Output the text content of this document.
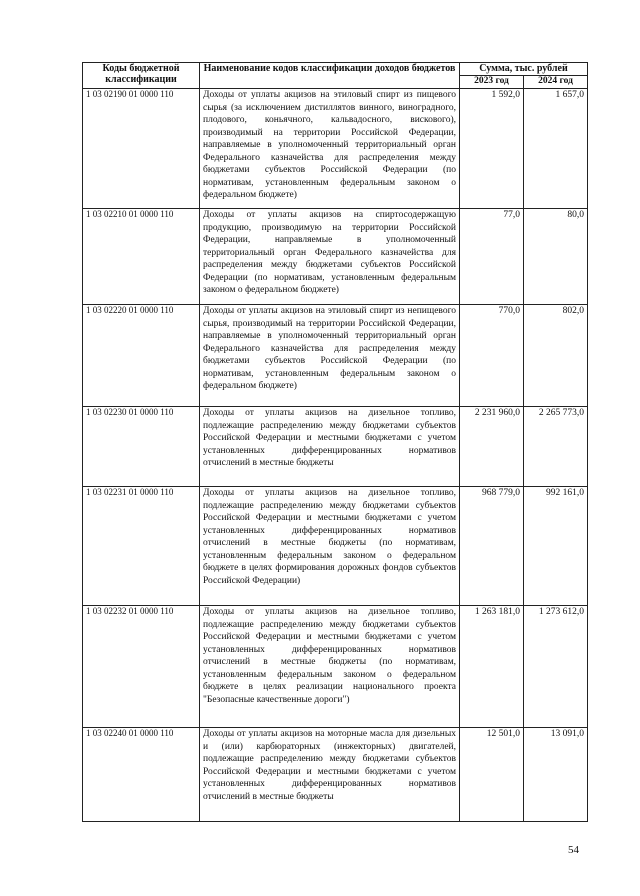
Коды бюджетной классификации	Наименование кодов классификации доходов бюджетов	Сумма, тыс. рублей	
		2023 год	2024 год
1 03 02190 01 0000 110	Доходы от уплаты акцизов на этиловый спирт из пищевого сырья (за исключением дистиллятов винного, виноградного, плодового, коньячного, кальвадосного, вискового), производимый на территории Российской Федерации, направляемые в уполномоченный территориальный орган Федерального казначейства для распределения между бюджетами субъектов Российской Федерации (по нормативам, установленным федеральным законом о федеральном бюджете)	1 592,0	1 657,0
1 03 02210 01 0000 110	Доходы от уплаты акцизов на спиртосодержащую продукцию, производимую на территории Российской Федерации, направляемые в уполномоченный территориальный орган Федерального казначейства для распределения между бюджетами субъектов Российской Федерации (по нормативам, установленным федеральным законом о федеральном бюджете)	77,0	80,0
1 03 02220 01 0000 110	Доходы от уплаты акцизов на этиловый спирт из непищевого сырья, производимый на территории Российской Федерации, направляемые в уполномоченный территориальный орган Федерального казначейства для распределения между бюджетами субъектов Российской Федерации (по нормативам, установленным федеральным законом о федеральном бюджете)	770,0	802,0
1 03 02230 01 0000 110	Доходы от уплаты акцизов на дизельное топливо, подлежащие распределению между бюджетами субъектов Российской Федерации и местными бюджетами с учетом установленных дифференцированных нормативов отчислений в местные бюджеты	2 231 960,0	2 265 773,0
1 03 02231 01 0000 110	Доходы от уплаты акцизов на дизельное топливо, подлежащие распределению между бюджетами субъектов Российской Федерации и местными бюджетами с учетом установленных дифференцированных нормативов отчислений в местные бюджеты (по нормативам, установленным федеральным законом о федеральном бюджете в целях формирования дорожных фондов субъектов Российской Федерации)	968 779,0	992 161,0
1 03 02232 01 0000 110	Доходы от уплаты акцизов на дизельное топливо, подлежащие распределению между бюджетами субъектов Российской Федерации и местными бюджетами с учетом установленных дифференцированных нормативов отчислений в местные бюджеты (по нормативам, установленным федеральным законом о федеральном бюджете в целях реализации национального проекта "Безопасные качественные дороги")	1 263 181,0	1 273 612,0
1 03 02240 01 0000 110	Доходы от уплаты акцизов на моторные масла для дизельных и (или) карбюраторных (инжекторных) двигателей, подлежащие распределению между бюджетами субъектов Российской Федерации и местными бюджетами с учетом установленных дифференцированных нормативов отчислений в местные бюджеты	12 501,0	13 091,0
54
